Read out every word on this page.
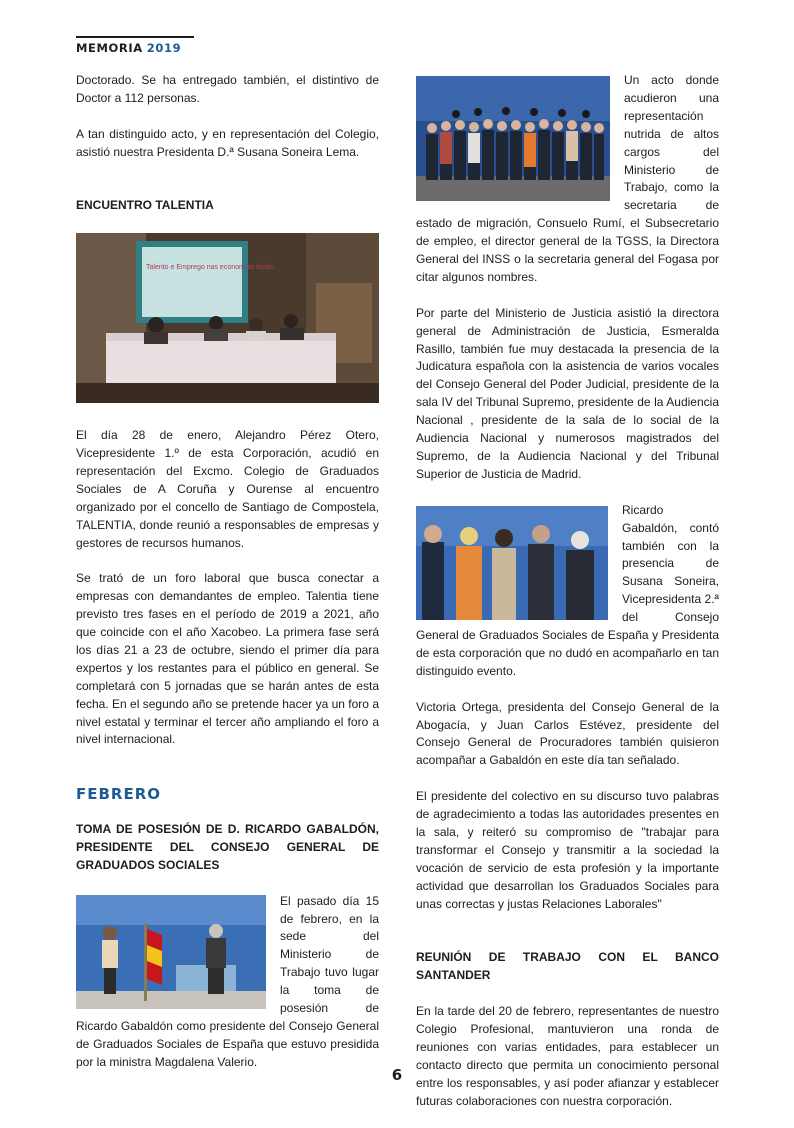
MEMORIA 2019

Doctorado. Se ha entregado también, el distintivo de Doctor a 112 personas.

A tan distinguido acto, y en representación del Colegio, asistió nuestra Presidenta D.ª Susana Soneira Lema.

ENCUENTRO TALENTIA
Talento e Emprego nas economías locais

El día 28 de enero, Alejandro Pérez Otero, Vicepresidente 1.º de esta Corporación, acudió en representación del Excmo. Colegio de Graduados Sociales de A Coruña y Ourense al encuentro organizado por el concello de Santiago de Compostela, TALENTIA, donde reunió a responsables de empresas y gestores de recursos humanos.

Se trató de un foro laboral que busca conectar a empresas con demandantes de empleo. Talentia tiene previsto tres fases en el período de 2019 a 2021, año que coincide con el año Xacobeo. La primera fase será los días 21 a 23 de octubre, siendo el primer día para expertos y los restantes para el público en general. Se completará con 5 jornadas que se harán antes de esta fecha. En el segundo año se pretende hacer ya un foro a nivel estatal y terminar el tercer año ampliando el foro a nivel internacional.

FEBRERO
TOMA DE POSESIÓN DE D. RICARDO GABALDÓN, PRESIDENTE DEL CONSEJO GENERAL DE GRADUADOS SOCIALES

El pasado día 15 de febrero, en la sede del Ministerio de Trabajo tuvo lugar la toma de posesión de Ricardo Gabaldón como presidente del Consejo General de Graduados Sociales de España que estuvo presidida por la ministra Magdalena Valerio.

Un acto donde acudieron una representación nutrida de altos cargos del Ministerio de Trabajo, como la secretaria de estado de migración, Consuelo Rumí, el Subsecretario de empleo, el director general de la TGSS, la Directora General del INSS o la secretaria general del Fogasa por citar algunos nombres.

Por parte del Ministerio de Justicia asistió la directora general de Administración de Justicia, Esmeralda Rasillo, también fue muy destacada la presencia de la Judicatura española con la asistencia de varios vocales del Consejo General del Poder Judicial, presidente de la sala IV del Tribunal Supremo, presidente de la Audiencia Nacional , presidente de la sala de lo social de la Audiencia Nacional y numerosos magistrados del Supremo, de la Audiencia Nacional y del Tribunal Superior de Justicia de Madrid.

Ricardo Gabaldón, contó también con la presencia de Susana Soneira, Vicepresidenta 2.ª del Consejo General de Graduados Sociales de España y Presidenta de esta corporación que no dudó en acompañarlo en tan distinguido evento.

Victoria Ortega, presidenta del Consejo General de la Abogacía, y Juan Carlos Estévez, presidente del Consejo General de Procuradores también quisieron acompañar a Gabaldón en este día tan señalado.

El presidente del colectivo en su discurso tuvo palabras de agradecimiento a todas las autoridades presentes en la sala, y reiteró su compromiso de "trabajar para transformar el Consejo y transmitir a la sociedad la vocación de servicio de esta profesión y la importante actividad que desarrollan los Graduados Sociales para unas correctas y justas Relaciones Laborales"

REUNIÓN DE TRABAJO CON EL BANCO SANTANDER

En la tarde del 20 de febrero, representantes de nuestro Colegio Profesional, mantuvieron una ronda de reuniones con varias entidades, para establecer un contacto directo que permita un conocimiento personal entre los responsables, y así poder afianzar y establecer futuras colaboraciones con nuestra corporación.

6
